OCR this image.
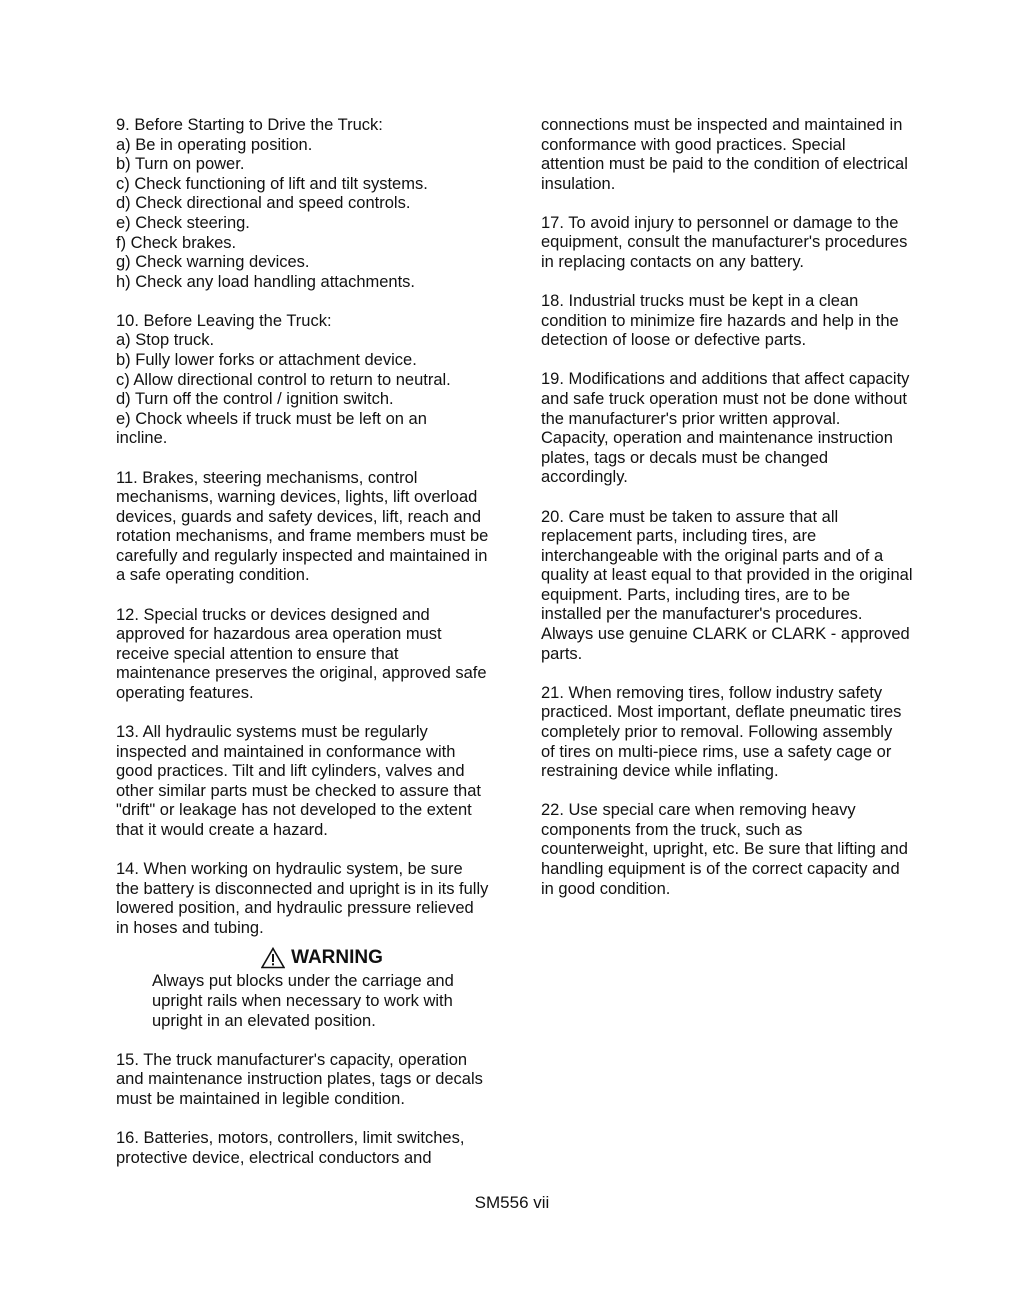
9. Before Starting to Drive the Truck:
a) Be in operating position.
b) Turn on power.
c) Check functioning of lift and tilt systems.
d) Check directional and speed controls.
e) Check steering.
f) Check brakes.
g) Check warning devices.
h) Check any load handling attachments.
10. Before Leaving the Truck:
a) Stop truck.
b) Fully lower forks or attachment device.
c) Allow directional control to return to neutral.
d) Turn off the control / ignition switch.
e) Chock wheels if truck must be left on an
incline.
11. Brakes, steering mechanisms, control
mechanisms, warning devices, lights, lift overload
devices, guards and safety devices, lift, reach and
rotation mechanisms, and frame members must be
carefully and regularly inspected and maintained in
a safe operating condition.
12. Special trucks or devices designed and
approved for hazardous area operation must
receive special attention to ensure that
maintenance preserves the original, approved safe
operating features.
13. All hydraulic systems must be regularly
inspected and maintained in conformance with
good practices. Tilt and lift cylinders, valves and
other similar parts must be checked to assure that
"drift" or leakage has not developed to the extent
that it would create a hazard.
14. When working on hydraulic system, be sure
the battery is disconnected and upright is in its fully
lowered position, and hydraulic pressure relieved
in hoses and tubing.
WARNING
Always put blocks under the carriage and
upright rails when necessary to work with
upright in an elevated position.
15. The truck manufacturer's capacity, operation
and maintenance instruction plates, tags or decals
must be maintained in legible condition.
16. Batteries, motors, controllers, limit switches,
protective device, electrical conductors and
connections must be inspected and maintained in
conformance with good practices. Special
attention must be paid to the condition of electrical
insulation.
17. To avoid injury to personnel or damage to the
equipment, consult the manufacturer's procedures
in replacing contacts on any battery.
18. Industrial trucks must be kept in a clean
condition to minimize fire hazards and help in the
detection of loose or defective parts.
19. Modifications and additions that affect capacity
and safe truck operation must not be done without
the manufacturer's prior written approval.
Capacity, operation and maintenance instruction
plates, tags or decals must be changed
accordingly.
20. Care must be taken to assure that all
replacement parts, including tires, are
interchangeable with the original parts and of a
quality at least equal to that provided in the original
equipment. Parts, including tires, are to be
installed per the manufacturer's procedures.
Always use genuine CLARK or CLARK - approved
parts.
21. When removing tires, follow industry safety
practiced. Most important, deflate pneumatic tires
completely prior to removal. Following assembly
of tires on multi-piece rims, use a safety cage or
restraining device while inflating.
22. Use special care when removing heavy
components from the truck, such as
counterweight, upright, etc. Be sure that lifting and
handling equipment is of the correct capacity and
in good condition.
SM556 vii
